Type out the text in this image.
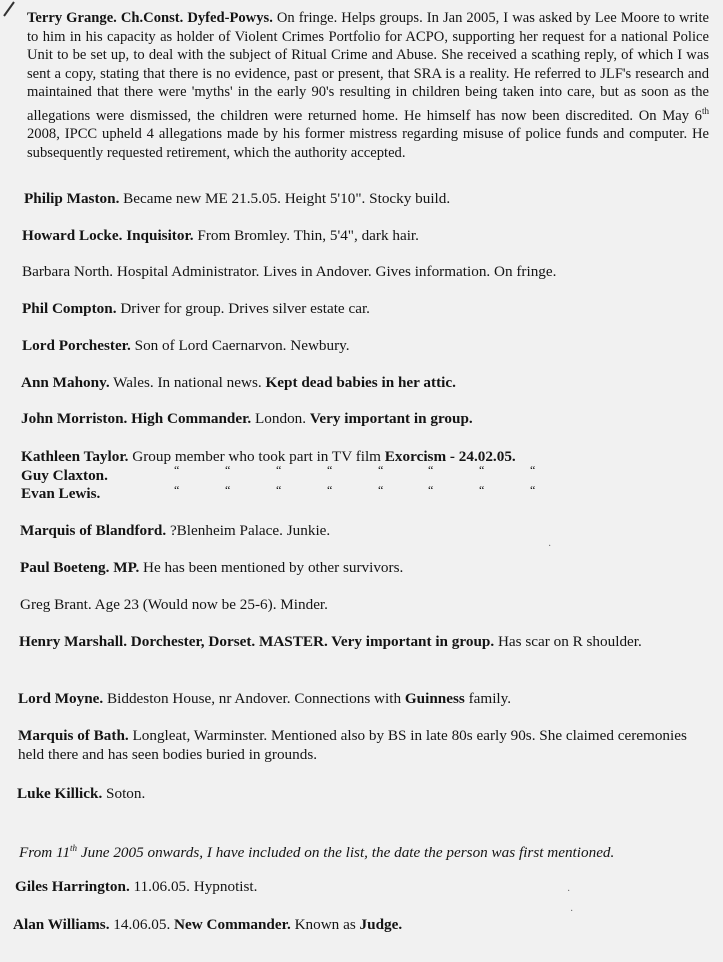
Terry Grange. Ch.Const. Dyfed-Powys. On fringe. Helps groups. In Jan 2005, I was asked by Lee Moore to write to him in his capacity as holder of Violent Crimes Portfolio for ACPO, supporting her request for a national Police Unit to be set up, to deal with the subject of Ritual Crime and Abuse. She received a scathing reply, of which I was sent a copy, stating that there is no evidence, past or present, that SRA is a reality. He referred to JLF's research and maintained that there were 'myths' in the early 90's resulting in children being taken into care, but as soon as the allegations were dismissed, the children were returned home. He himself has now been discredited. On May 6th 2008, IPCC upheld 4 allegations made by his former mistress regarding misuse of police funds and computer. He subsequently requested retirement, which the authority accepted.
Philip Maston. Became new ME 21.5.05. Height 5'10". Stocky build.
Howard Locke. Inquisitor. From Bromley. Thin, 5'4", dark hair.
Barbara North. Hospital Administrator. Lives in Andover. Gives information. On fringe.
Phil Compton. Driver for group. Drives silver estate car.
Lord Porchester. Son of Lord Caernarvon. Newbury.
Ann Mahony. Wales. In national news. Kept dead babies in her attic.
John Morriston. High Commander. London. Very important in group.
Kathleen Taylor. Group member who took part in TV film Exorcism - 24.02.05.
Guy Claxton.	“	“	“	“	“	“	“	“
Evan Lewis.	“	“	“	“	“	“	“	“
Marquis of Blandford. ?Blenheim Palace. Junkie.
Paul Boeteng. MP. He has been mentioned by other survivors.
Greg Brant. Age 23 (Would now be 25-6). Minder.
Henry Marshall. Dorchester, Dorset. MASTER. Very important in group. Has scar on R shoulder.
Lord Moyne. Biddeston House, nr Andover. Connections with Guinness family.
Marquis of Bath. Longleat, Warminster. Mentioned also by BS in late 80s early 90s. She claimed ceremonies held there and has seen bodies buried in grounds.
Luke Killick. Soton.
From 11th June 2005 onwards, I have included on the list, the date the person was first mentioned.
Giles Harrington. 11.06.05. Hypnotist.
Alan Williams. 14.06.05. New Commander. Known as Judge.
·
·
·
